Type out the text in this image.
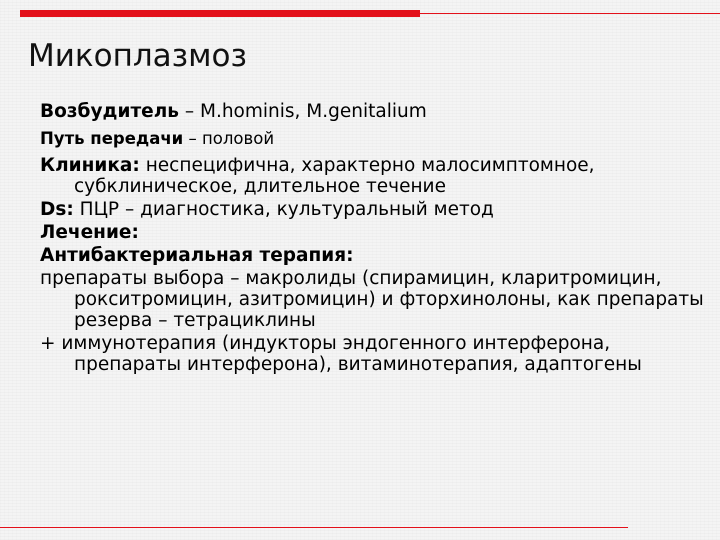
Микоплазмоз

Возбудитель – M.hominis, M.genitalium

Путь передачи – половой

Клиника: неспецифична, характерно малосимптомное, субклиническое, длительное течение

Ds: ПЦР – диагностика, культуральный метод

Лечение:

Антибактериальная терапия:

препараты выбора – макролиды (спирамицин, кларитромицин, рокситромицин, азитромицин) и фторхинолоны, как препараты резерва – тетрациклины

+ иммунотерапия (индукторы эндогенного интерферона, препараты интерферона), витаминотерапия, адаптогены
